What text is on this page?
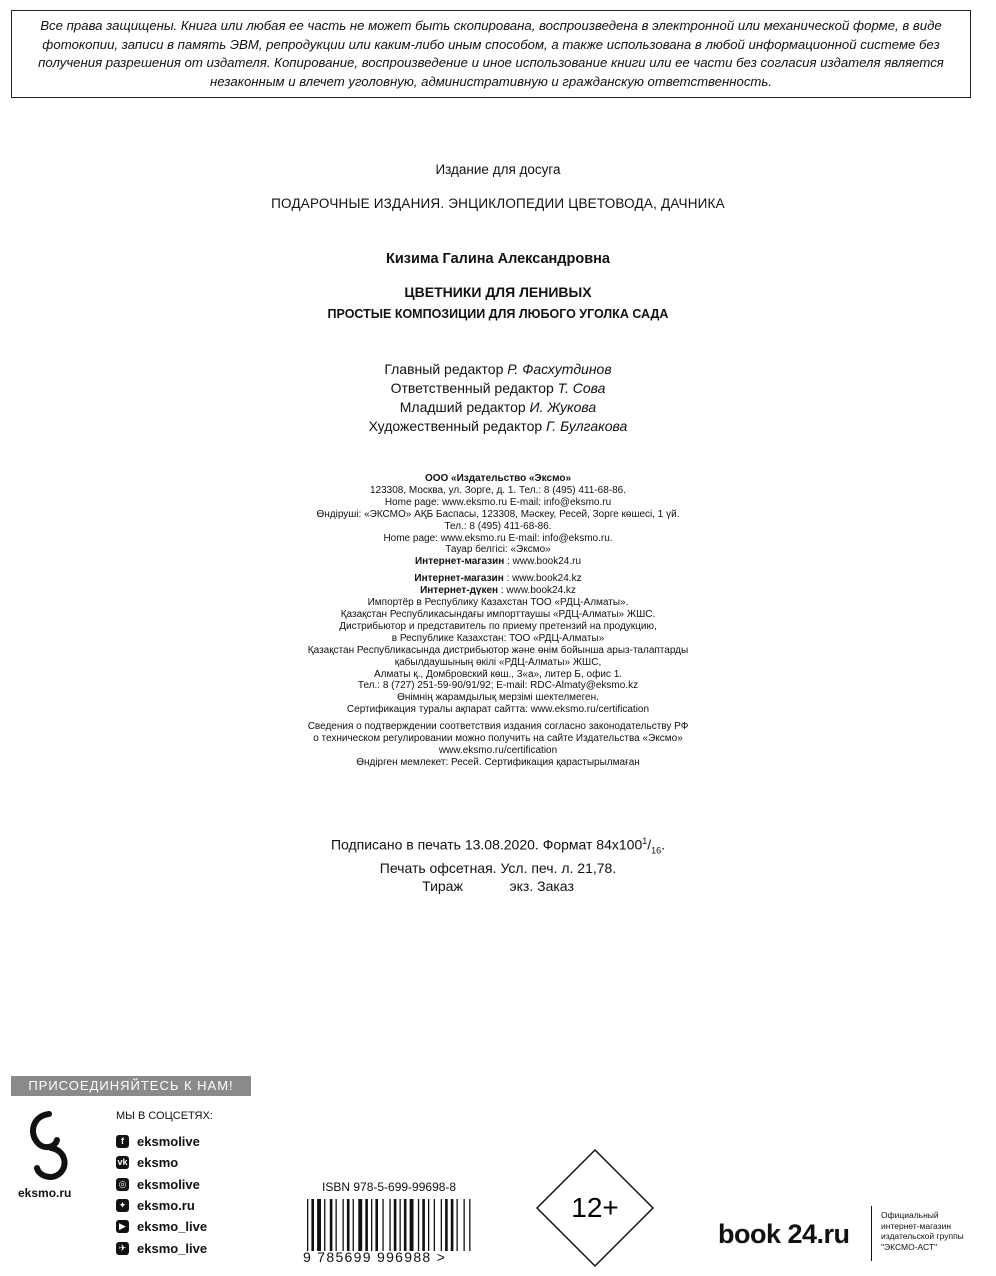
Все права защищены. Книга или любая ее часть не может быть скопирована, воспроизведена в электронной или механической форме, в виде фотокопии, записи в память ЭВМ, репродукции или каким-либо иным способом, а также использована в любой информационной системе без получения разрешения от издателя. Копирование, воспроизведение и иное использование книги или ее части без согласия издателя является незаконным и влечет уголовную, административную и гражданскую ответственность.
Издание для досуга
ПОДАРОЧНЫЕ ИЗДАНИЯ. ЭНЦИКЛОПЕДИИ ЦВЕТОВОДА, ДАЧНИКА
Кизима Галина Александровна
ЦВЕТНИКИ ДЛЯ ЛЕНИВЫХ
ПРОСТЫЕ КОМПОЗИЦИИ ДЛЯ ЛЮБОГО УГОЛКА САДА
Главный редактор Р. Фасхутдинов
Ответственный редактор Т. Сова
Младший редактор И. Жукова
Художественный редактор Г. Булгакова
ООО «Издательство «Эксмо»
123308, Москва, ул. Зорге, д. 1. Тел.: 8 (495) 411-68-86.
Home page: www.eksmo.ru E-mail: info@eksmo.ru
Өндіруші: «ЭКСМО» АҚБ Баспасы, 123308, Мәскеу, Ресей, Зорге көшесі, 1 үй.
Тел.: 8 (495) 411-68-86.
Home page: www.eksmo.ru E-mail: info@eksmo.ru.
Тауар белгісі: «Эксмо»
Интернет-магазин : www.book24.ru
Интернет-магазин : www.book24.kz
Интернет-дүкен : www.book24.kz
Импортёр в Республику Казахстан ТОО «РДЦ-Алматы».
Қазақстан Республикасындағы импорттаушы «РДЦ-Алматы» ЖШС.
Дистрибьютор и представитель по приему претензий на продукцию,
в Республике Казахстан: ТОО «РДЦ-Алматы»
Қазақстан Республикасында дистрибьютор және өнім бойынша арыз-талаптарды
қабылдаушының өкілі «РДЦ-Алматы» ЖШС,
Алматы қ., Домбровский көш., 3«а», литер Б, офис 1.
Тел.: 8 (727) 251-59-90/91/92; E-mail: RDC-Almaty@eksmo.kz
Өнімнің жарамдылық мерзімі шектелмеген.
Сертификация туралы ақпарат сайтта: www.eksmo.ru/certification
Сведения о подтверждении соответствия издания согласно законодательству РФ
о техническом регулировании можно получить на сайте Издательства «Эксмо»
www.eksmo.ru/certification
Өндірген мемлекет: Ресей. Сертификация қарастырылмаған
Подписано в печать 13.08.2020. Формат $84x100^1/_{16}$.
Печать офсетная. Усл. печ. л. 21,78.
Тираж            экз. Заказ
ПРИСОЕДИНЯЙТЕСЬ К НАМ!
eksmo.ru
МЫ В СОЦСЕТЯХ:
f	eksmolive
vk eksmo
◎ eksmolive
✦ eksmo.ru
▶ eksmo_live
✈ eksmo_live
ISBN 978-5-699-99698-8
9 785699 996988 >
12+
book 24.ru
Официальный
интернет-магазин
издательской группы
"ЭКСМО-АСТ"
